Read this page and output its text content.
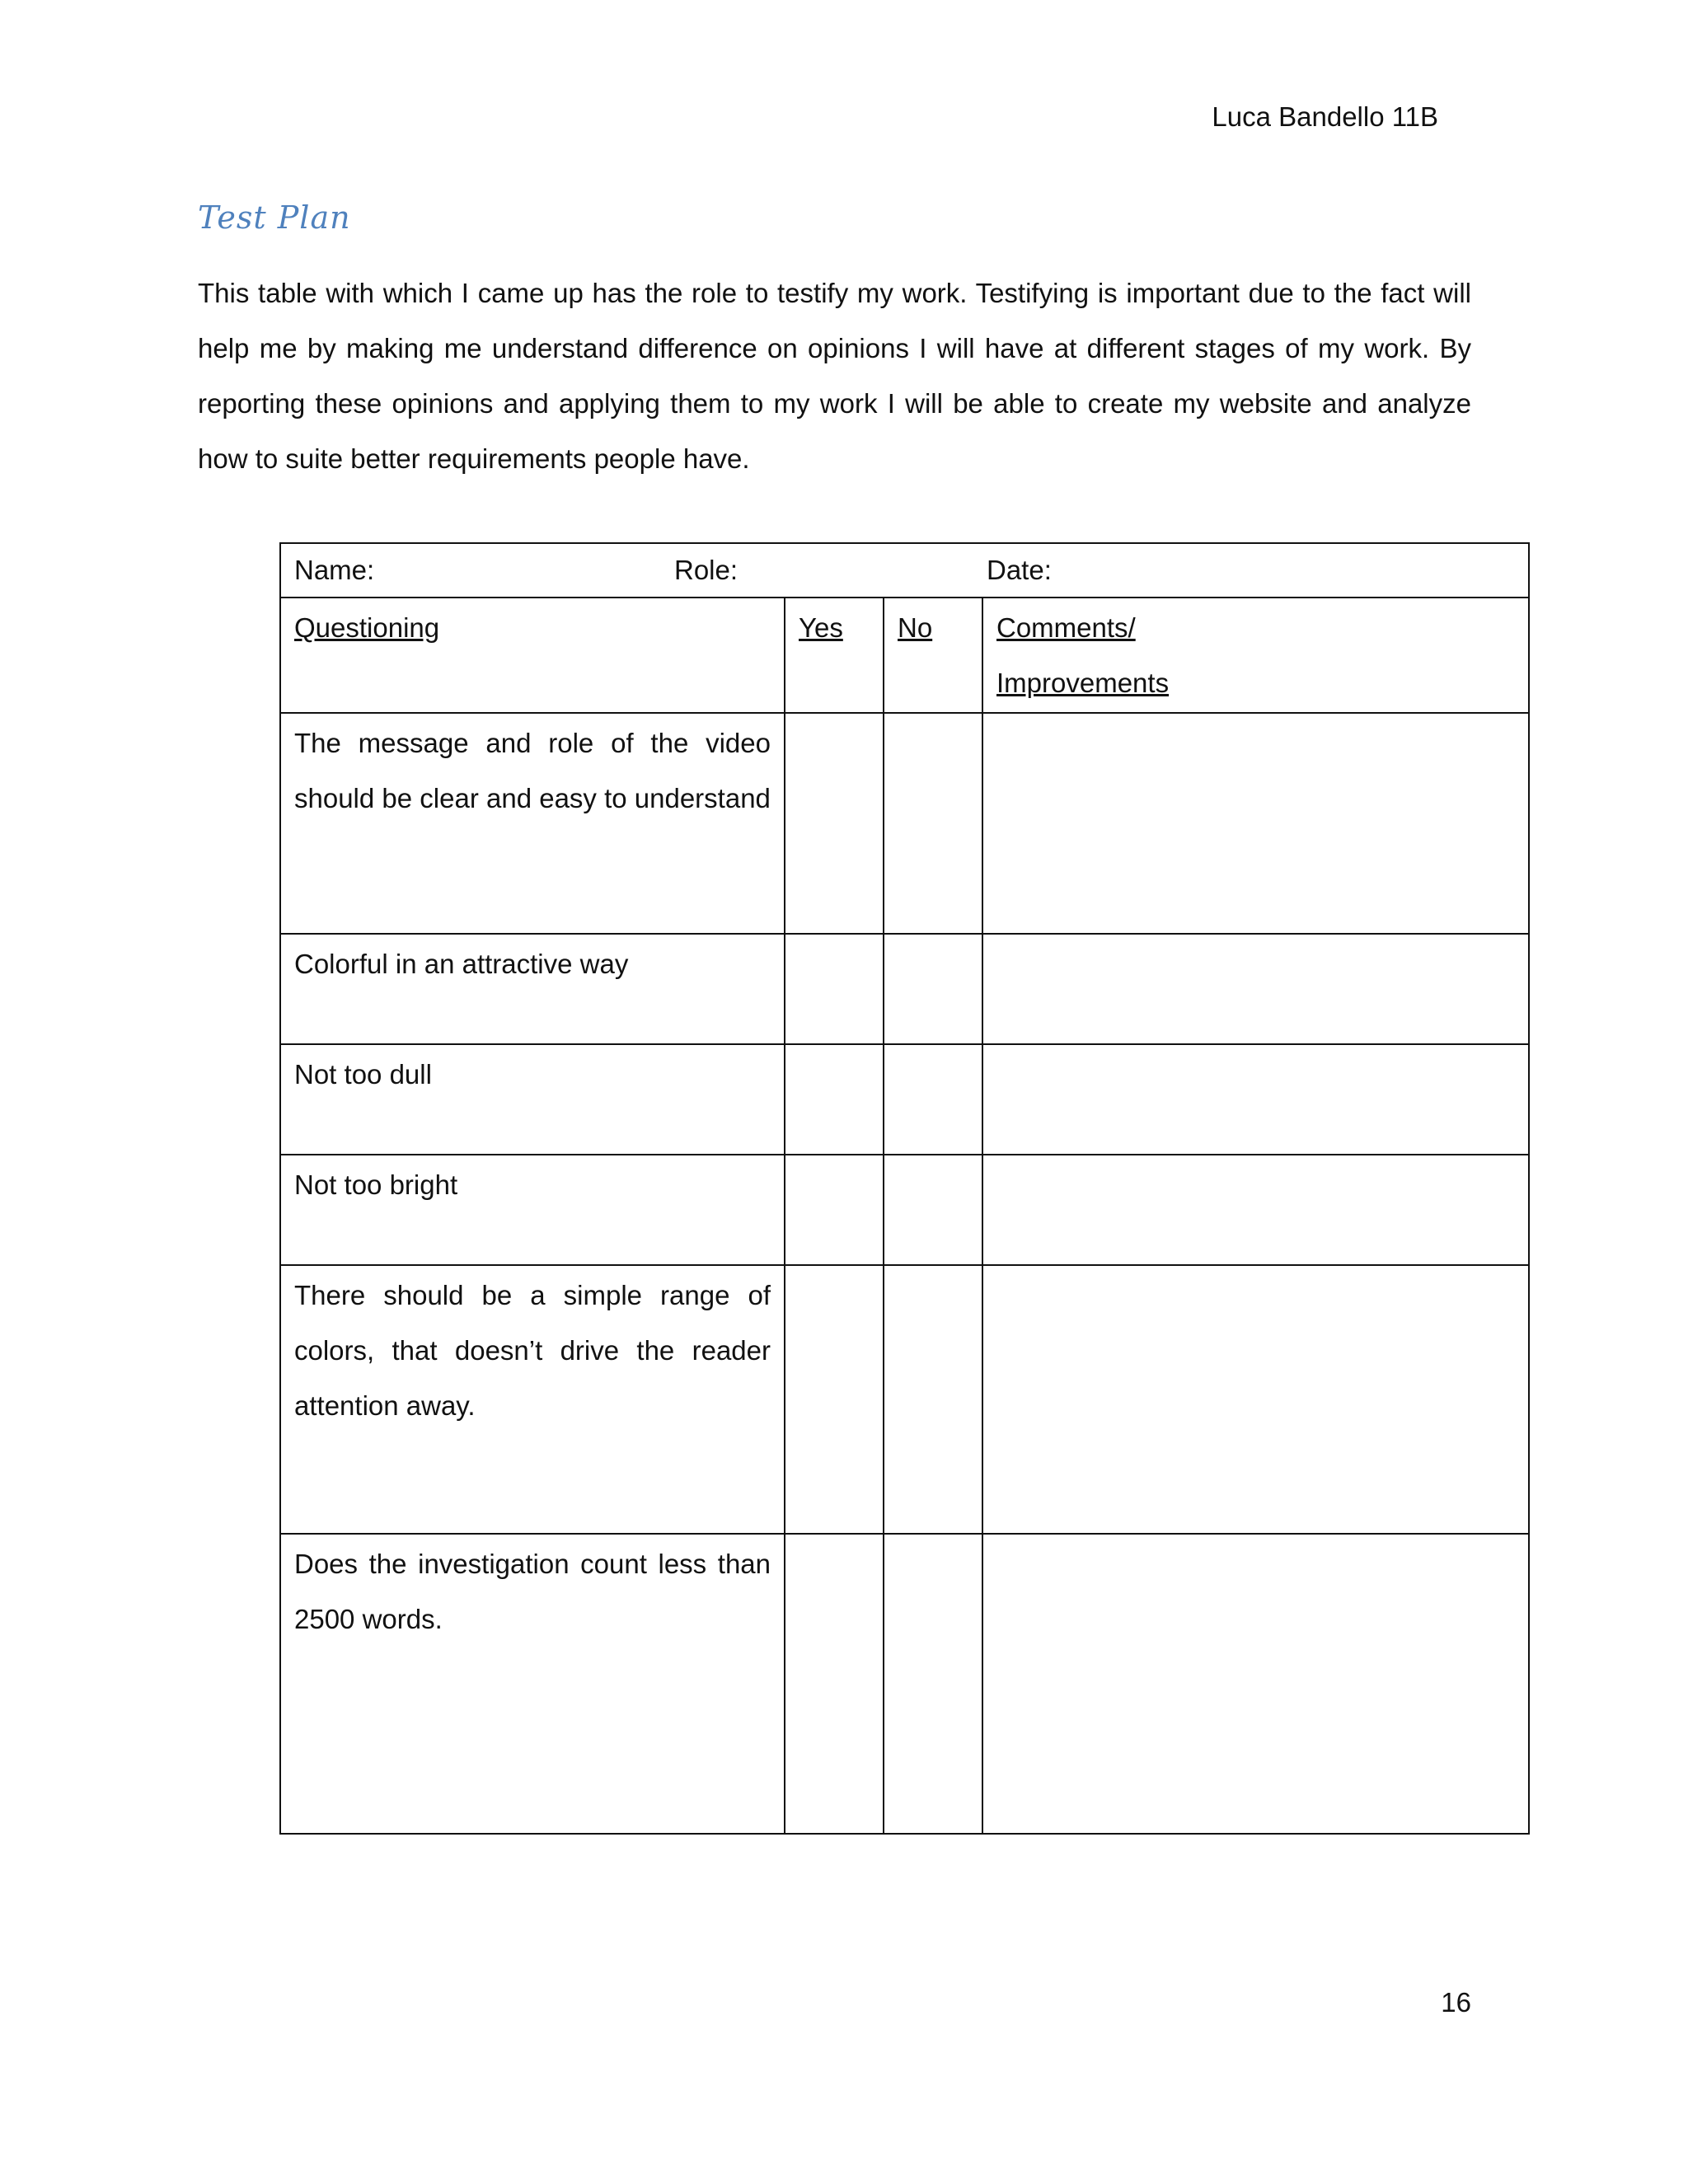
Luca Bandello 11B
Test Plan

This table with which I came up has the role to testify my work. Testifying is important due to the fact will help me by making me understand difference on opinions I will have at different stages of my work. By reporting these opinions and applying them to my work I will be able to create my website and analyze how to suite better requirements people have.

Name: Role: Date:			

Questioning	Yes	No	Comments/
Improvements
The message and role of the video should be clear and easy to understand			
Colorful in an attractive way			
Not too dull			
Not too bright			
There should be a simple range of colors, that doesn’t drive the reader attention away.			
Does the investigation count less than 2500 words.			
16
